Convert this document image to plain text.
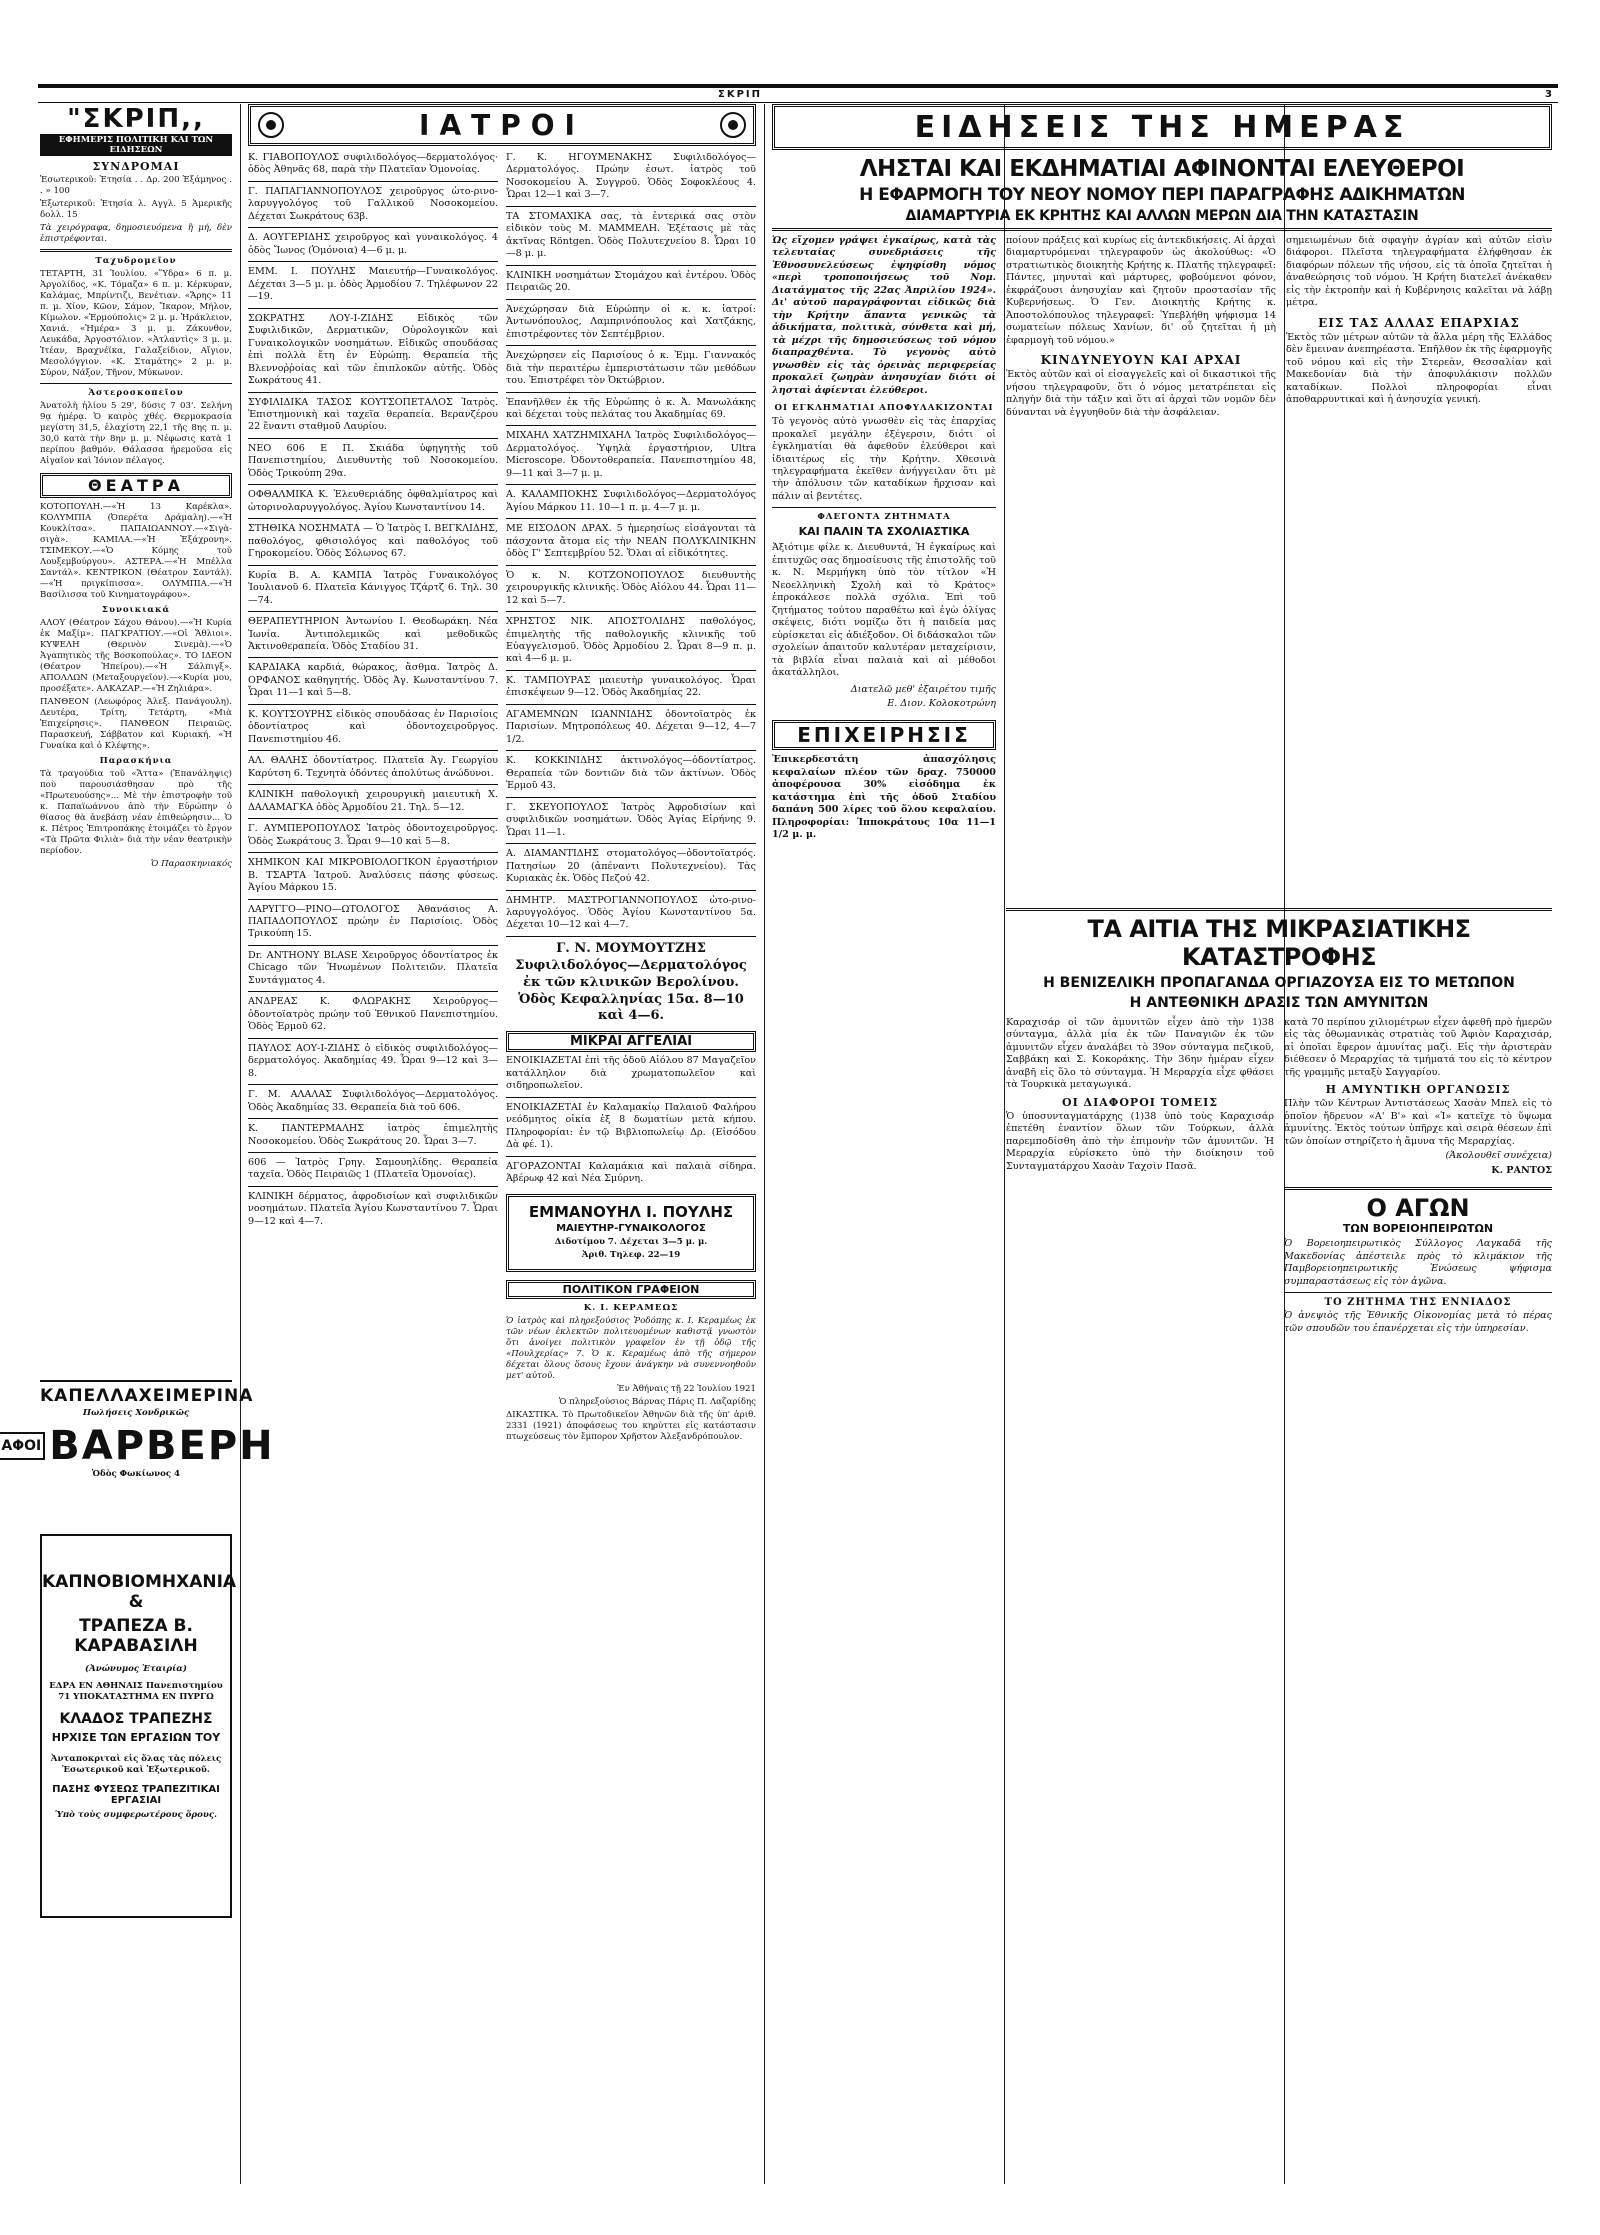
ΣΚΡΙΠ	3
"ΣΚΡΙΠ,,
ΕΦΗΜΕΡΙΣ ΠΟΛΙΤΙΚΗ ΚΑΙ ΤΩΝ ΕΙΔΗΣΕΩΝ
ΣΥΝΔΡΟΜΑΙ
Ἐσωτερικοῦ: Ἐτησία . . Δρ. 200 Ἑξάμηνος . . » 100
Ἐξωτερικοῦ: Ἐτησία λ. Αγγλ. 5 Ἀμερικῆς δολλ. 15
Τὰ χειρόγραφα, δημοσιευόμενα ἢ μή, δὲν ἐπιστρέφονται.
Ταχυδρομεῖον
ΤΕΤΑΡΤΗ, 31 Ἰουλίου. «Ὕδρα» 6 π. μ. Ἀργολίδος, «Κ. Τόμαζα» 6 π. μ. Κέρκυραν, Καλάμας, Μπρίντιζι, Βενέτιαν. «Ἄρης» 11 π. μ. Χίον, Κῶον, Σάμον, Ἴκαρον, Μήλον, Κίμωλον. «Ἑρμούπολις» 2 μ. μ. Ἡράκλειον, Χανιά. «Ἡμέρα» 3 μ. μ. Ζάκυνθον, Λευκάδα, Ἀργοστόλιον. «Ἀτλαντὶς» 3 μ. μ. Ἰτέαν, Βραχνέϊκα, Γαλαξείδιον, Αἴγιον, Μεσολόγγιον. «Κ. Σταμάτης» 2 μ. μ. Σύρον, Νάξον, Τῆνον, Μύκωνον.
Ἀστεροσκοπεῖον
Ἀνατολὴ ἡλίου 5 29', δύσις 7 03'. Σελήνη 9ᾳ ἡμέρᾳ. Ὁ καιρὸς χθές. Θερμοκρασία μεγίστη 31,5, ἐλαχίστη 22,1 τῆς 8ης π. μ. 30,0 κατὰ τὴν 8ην μ. μ. Νέφωσις κατὰ 1 περίπου βαθμόν. Θάλασσα ἠρεμοῦσα εἰς Αἰγαῖον καὶ Ἰόνιον πέλαγος.
ΘΕΑΤΡΑ
ΚΟΤΟΠΟΥΛΗ.—«Ἡ 13 Καρέκλα». ΚΟΛΥΜΠΙΑ (Ὀπερέτα Δράμαλη).—«Ἡ Κουκλίτσα». ΠΑΠΑΙΩΑΝΝΟΥ.—«Σιγὰ-σιγὰ». ΚΑΜΙΛΑ.—«Ἡ Ἑξάχρονη». ΤΣΙΜΕΚΟΥ.—«Ὁ Κόμης τοῦ Λουξεμβούργου». ΑΣΤΕΡΑ.—«Ἡ Μπέλλα Σαντάλ». ΚΕΝΤΡΙΚΟΝ (Θέατρον Σαντάλ).—«Ἡ πριγκίπισσα». ΟΛΥΜΠΙΑ.—«Ἡ Βασίλισσα τοῦ Κινηματογράφου».
Συνοικιακά
ΑΛΟΥ (Θέατρον Σάχου Θάνου).—«Ἡ Κυρία ἐκ Μαξίμ». ΠΑΓΚΡΑΤΙΟΥ.—«Οἱ Ἄθλιοι». ΚΥΨΕΛΗ (Θερινὸν Σινεμὰ).—«Ὁ Ἀγαπητικὸς τῆς Βοσκοπούλας». ΤΟ ΙΔΕΟΝ (Θέατρον Ἡπείρου).—«Ἡ Σάλπιγξ». ΑΠΟΛΛΩΝ (Μεταξουργεῖον).—«Κυρία μου, προσέξατε». ΑΛΚΑΖΑΡ.—«Ἡ Ζηλιάρα».
ΠΑΝΘΕΟΝ (Λεωφόρος Ἀλεξ. Πανάγουλη). Δευτέρα, Τρίτη, Τετάρτη, «Μιὰ Ἐπιχείρησις». ΠΑΝΘΕΟΝ Πειραιῶς. Παρασκευή, Σάββατον καὶ Κυριακή. «Ἡ Γυναίκα καὶ ὁ Κλέφτης».
Παρασκήνια
Τὰ τραγούδια τοῦ «Ἄττα» (Ἐπανάληψις) ποὺ παρουσιάσθησαν πρὸ τῆς «Πρωτευούσης»... Μὲ τὴν ἐπιστροφὴν τοῦ κ. Παπαϊωάννου ἀπὸ τὴν Εὐρώπην ὁ θίασος θὰ ἀνεβάσῃ νέαν ἐπιθεώρησιν... Ὁ κ. Πέτρος Ἐπιτροπάκης ἐτοιμάζει τὸ ἔργον «Τὰ Πρῶτα Φιλιὰ» διὰ τὴν νέαν θεατρικὴν περίοδον.
Ὁ Παρασκηνιακός
ΚΑΠΕΛΛΑ ΧΕΙΜΕΡΙΝΑ
Πωλήσεις Χονδρικῶς
ΑΦΟΙ ΒΑΡΒΕΡΗ
Ὁδὸς Φωκίωνος 4
ΚΑΠΝΟΒΙΟΜΗΧΑΝΙΑ &
ΤΡΑΠΕΖΑ Β. ΚΑΡΑΒΑΣΙΛΗ
(Ἀνώνυμος Ἑταιρία)
ΕΔΡΑ ΕΝ ΑΘΗΝΑΙΣ Πανεπιστημίου 71 ΥΠΟΚΑΤΑΣΤΗΜΑ ΕΝ ΠΥΡΓΩ
ΚΛΑΔΟΣ ΤΡΑΠΕΖΗΣ
ΗΡΧΙΣΕ ΤΩΝ ΕΡΓΑΣΙΩΝ ΤΟΥ
Ἀνταποκριταὶ εἰς ὅλας τὰς πόλεις Ἐσωτερικοῦ καὶ Ἐξωτερικοῦ.
ΠΑΣΗΣ ΦΥΣΕΩΣ ΤΡΑΠΕΖΙΤΙΚΑΙ ΕΡΓΑΣΙΑΙ
Ὑπὸ τοὺς συμφερωτέρους ὅρους.
ΙΑΤΡΟΙ
Κ. ΓΙΑΒΟΠΟΥΛΟΣ συφιλιδολόγος—δερματολόγος· ὁδὸς Ἀθηνᾶς 68, παρὰ τὴν Πλατεῖαν Ὁμονοίας.
Γ. ΠΑΠΑΓΙΑΝΝΟΠΟΥΛΟΣ χειροῦργος ὠτο-ρινο-λαρυγγολόγος τοῦ Γαλλικοῦ Νοσοκομείου. Δέχεται Σωκράτους 63β.
Δ. ΑΟΥΓΕΡΙΔΗΣ χειροῦργος καὶ γυναικολόγος. 4 ὁδὸς Ἴωνος (Ὁμόνοια) 4—6 μ. μ.
ΕΜΜ. Ι. ΠΟΥΛΗΣ Μαιευτήρ—Γυναικολόγος. Δέχεται 3—5 μ. μ. ὁδὸς Ἀρμοδίου 7. Τηλέφωνον 22—19.
ΣΩΚΡΑΤΗΣ ΛΟΥ-Ι-ΖΙΔΗΣ Εἰδικὸς τῶν Συφιλιδικῶν, Δερματικῶν, Οὐρολογικῶν καὶ Γυναικολογικῶν νοσημάτων. Εἰδικῶς σπουδάσας ἐπὶ πολλὰ ἔτη ἐν Εὐρώπῃ. Θεραπεία τῆς Βλεννοῤῥοίας καὶ τῶν ἐπιπλοκῶν αὐτῆς. Ὁδὸς Σωκράτους 41.
ΣΥΦΙΛΙΔΙΚΑ ΤΑΣΟΣ ΚΟΥΤΣΟΠΕΤΑΛΟΣ Ἰατρὸς. Ἐπιστημονικὴ καὶ ταχεῖα θεραπεία. Βερανζέρου 22 ἔναντι σταθμοῦ Λαυρίου.
ΝΕΟ 606 Ε Π. Σκιάδα ὑφηγητὴς τοῦ Πανεπιστημίου, Διευθυντὴς τοῦ Νοσοκομείου. Ὁδὸς Τρικούπη 29α.
ΟΦΘΑΛΜΙΚΑ Κ. Ἐλευθεριάδης ὀφθαλμίατρος καὶ ὠτορινολαρυγγολόγος. Ἀγίου Κωνσταντίνου 14.
ΣΤΗΘΙΚΑ ΝΟΣΗΜΑΤΑ — Ὁ Ἰατρὸς Ι. ΒΕΓΚΛΙΔΗΣ, παθολόγος, φθισιολόγος καὶ παθολόγος τοῦ Γηροκομείου. Ὁδὸς Σόλωνος 67.
Κυρία Β. Α. ΚΑΜΠΑ Ἰατρὸς Γυναικολόγος Ἰουλιανοῦ 6. Πλατεῖα Κάνιγγος Τζάρτζ 6. Τηλ. 30—74.
ΘΕΡΑΠΕΥΤΗΡΙΟΝ Ἀντωνίου Ι. Θεοδωράκη. Νέα Ἰωνία. Ἀντιπολεμικῶς καὶ μεθοδικῶς Ἀκτινοθεραπεία. Ὁδὸς Σταδίου 31.
ΚΑΡΔΙΑΚΑ καρδιά, θώρακος, ἄσθμα. Ἰατρὸς Δ. ΟΡΦΑΝΟΣ καθηγητής. Ὁδὸς Ἀγ. Κωνσταντίνου 7. Ὧραι 11—1 καὶ 5—8.
Κ. ΚΟΥΤΣΟΥΡΗΣ εἰδικὸς σπουδάσας ἐν Παρισίοις ὀδοντίατρος καὶ ὀδοντοχειροῦργος. Πανεπιστημίου 46.
ΑΛ. ΘΑΛΗΣ ὀδοντίατρος. Πλατεῖα Ἀγ. Γεωργίου Καρύτση 6. Τεχνητὰ ὀδόντες ἀπολύτως ἀνώδυνοι.
ΚΛΙΝΙΚΗ παθολογικὴ χειρουργικὴ μαιευτικὴ Χ. ΔΑΛΑΜΑΓΚΑ ὁδὸς Ἀρμοδίου 21. Τηλ. 5—12.
Γ. ΑΥΜΠΕΡΟΠΟΥΛΟΣ Ἰατρὸς ὀδοντοχειροῦργος. Ὁδὸς Σωκράτους 3. Ὧραι 9—10 καὶ 5—8.
ΧΗΜΙΚΟΝ ΚΑΙ ΜΙΚΡΟΒΙΟΛΟΓΙΚΟΝ ἐργαστήριον Β. ΤΣΑΡΤΑ Ἰατροῦ. Ἀναλύσεις πάσης φύσεως. Ἀγίου Μάρκου 15.
ΛΑΡΥΓΓΟ—ΡΙΝΟ—ΩΤΟΛΟΓΟΣ Ἀθανάσιος Α. ΠΑΠΑΔΟΠΟΥΛΟΣ πρώην ἐν Παρισίοις. Ὁδὸς Τρικούπη 15.
Dr. ANTHONY BLASE Χειροῦργος ὀδοντίατρος ἐκ Chicago τῶν Ἡνωμένων Πολιτειῶν. Πλατεῖα Συντάγματος 4.
ΑΝΔΡΕΑΣ Κ. ΦΛΩΡΑΚΗΣ Χειροῦργος—ὀδοντοϊατρὸς πρώην τοῦ Ἐθνικοῦ Πανεπιστημίου. Ὁδὸς Ἑρμοῦ 62.
ΠΑΥΛΟΣ ΑΟΥ-Ι-ΖΙΔΗΣ ὁ εἰδικὸς συφιλιδολόγος—δερματολόγος. Ἀκαδημίας 49. Ὧραι 9—12 καὶ 3—8.
Γ. Μ. ΑΛΑΛΑΣ Συφιλιδολόγος—Δερματολόγος. Ὁδὸς Ἀκαδημίας 33. Θεραπεία διὰ τοῦ 606.
Κ. ΠΑΝΤΕΡΜΑΛΗΣ ἰατρὸς ἐπιμελητὴς Νοσοκομείου. Ὁδὸς Σωκράτους 20. Ὧραι 3—7.
606 — Ἰατρὸς Γρηγ. Σαμουηλίδης. Θεραπεία ταχεῖα. Ὁδὸς Πειραιῶς 1 (Πλατεῖα Ὁμονοίας).
ΚΛΙΝΙΚΗ δέρματος, ἀφροδισίων καὶ συφιλιδικῶν νοσημάτων. Πλατεῖα Ἁγίου Κωνσταντίνου 7. Ὧραι 9—12 καὶ 4—7.
Γ. Κ. ΗΓΟΥΜΕΝΑΚΗΣ Συφιλιδολόγος—Δερματολόγος. Πρώην ἐσωτ. ἰατρὸς τοῦ Νοσοκομείου Ἀ. Συγγροῦ. Ὁδὸς Σοφοκλέους 4. Ὧραι 12—1 καὶ 3—7.
ΤΑ ΣΤΟΜΑΧΙΚΑ σας, τὰ ἐντερικά σας στὸν εἰδικὸν τοὺς Μ. ΜΑΜΜΕΛΗ. Ἐξέτασις μὲ τὰς ἀκτῖνας Röntgen. Ὁδὸς Πολυτεχνείου 8. Ὧραι 10—8 μ. μ.
ΚΛΙΝΙΚΗ νοσημάτων Στομάχου καὶ ἐντέρου. Ὁδὸς Πειραιῶς 20.
Ἀνεχώρησαν διὰ Εὐρώπην οἱ κ. κ. ἰατροί: Ἀντωνόπουλος, Λαμπρινόπουλος καὶ Χατζάκης, ἐπιστρέφοντες τὸν Σεπτέμβριον.
Ἀνεχώρησεν εἰς Παρισίους ὁ κ. Ἐμμ. Γιαννακός διὰ τὴν περαιτέρω ἐμπεριστάτωσιν τῶν μεθόδων του. Ἐπιστρέφει τὸν Ὀκτώβριον.
Ἐπανῆλθεν ἐκ τῆς Εὐρώπης ὁ κ. Ἀ. Μανωλάκης καὶ δέχεται τοὺς πελάτας του Ἀκαδημίας 69.
ΜΙΧΑΗΛ ΧΑΤΖΗΜΙΧΑΗΛ Ἰατρὸς Συφιλιδολόγος—Δερματολόγος. Ὑψηλὰ ἐργαστήριον, Ultra Microscope. Ὀδοντοθεραπεία. Πανεπιστημίου 48, 9—11 καὶ 3—7 μ. μ.
Α. ΚΑΛΑΜΠΟΚΗΣ Συφιλιδολόγος—Δερματολόγος Ἁγίου Μάρκου 11. 10—1 π. μ. 4—7 μ. μ.
ΜΕ ΕΙΣΟΔΟΝ ΔΡΑΧ. 5 ἡμερησίως εἰσάγονται τὰ πάσχοντα ἄτομα εἰς τὴν ΝΕΑΝ ΠΟΛΥΚΛΙΝΙΚΗΝ ὁδὸς Γ' Σεπτεμβρίου 52. Ὅλαι αἱ εἰδικότητες.
Ὁ κ. Ν. ΚΟΤΖΟΝΟΠΟΥΛΟΣ διευθυντὴς χειρουργικῆς κλινικῆς. Ὁδὸς Αἰόλου 44. Ὧραι 11—12 καὶ 5—7.
ΧΡΗΣΤΟΣ ΝΙΚ. ΑΠΟΣΤΟΛΙΔΗΣ παθολόγος, ἐπιμελητὴς τῆς παθολογικῆς κλινικῆς τοῦ Εὐαγγελισμοῦ. Ὁδὸς Ἀρμοδίου 2. Ὧραι 8—9 π. μ. καὶ 4—6 μ. μ.
Κ. ΤΑΜΠΟΥΡΑΣ μαιευτὴρ γυναικολόγος. Ὧραι ἐπισκέψεων 9—12. Ὁδὸς Ἀκαδημίας 22.
ΑΓΑΜΕΜΝΩΝ ΙΩΑΝΝΙΔΗΣ ὀδοντοϊατρὸς ἐκ Παρισίων. Μητροπόλεως 40. Δέχεται 9—12, 4—7 1/2.
Κ. ΚΟΚΚΙΝΙΔΗΣ ἀκτινολόγος—ὀδοντίατρος. Θεραπεία τῶν δοντιῶν διὰ τῶν ἀκτίνων. Ὁδὸς Ἑρμοῦ 43.
Γ. ΣΚΕΥΟΠΟΥΛΟΣ Ἰατρὸς Ἀφροδισίων καὶ συφιλιδικῶν νοσημάτων. Ὁδὸς Ἀγίας Εἰρήνης 9. Ὧραι 11—1.
Α. ΔΙΑΜΑΝΤΙΔΗΣ στοματολόγος—ὀδοντοϊατρός. Πατησίων 20 (ἀπέναντι Πολυτεχνείου). Τὰς Κυριακὰς ἐκ. Ὁδὸς Πεζού 42.
ΔΗΜΗΤΡ. ΜΑΣΤΡΟΓΙΑΝΝΟΠΟΥΛΟΣ ὠτο-ρινο-λαρυγγολόγος. Ὁδὸς Ἁγίου Κωνσταντίνου 5α. Δέχεται 10—12 καὶ 4—7.
Γ. Ν. ΜΟΥΜΟΥΤΖΗΣ Συφιλιδολόγος—Δερματολόγος ἐκ τῶν κλινικῶν Βερολίνου. Ὁδὸς Κεφαλληνίας 15α. 8—10 καὶ 4—6.
ΜΙΚΡΑΙ ΑΓΓΕΛΙΑΙ
ΕΝΟΙΚΙΑΖΕΤΑΙ ἐπὶ τῆς ὁδοῦ Αἰόλου 87 Μαγαζεῖον κατάλληλον διὰ χρωματοπωλεῖον καὶ σιδηροπωλεῖον.
ΕΝΟΙΚΙΑΖΕΤΑΙ ἐν Καλαμακίῳ Παλαιοῦ Φαλήρου νεόδμητος οἰκία ἐξ 8 δωματίων μετὰ κήπου. Πληροφορίαι: ἐν τῷ Βιβλιοπωλείῳ Δρ. (Εἰσόδου Δὰ φέ. 1).
ΑΓΟΡΑΖΟΝΤΑΙ Καλαμάκια καὶ παλαιὰ σίδηρα. Ἀβέρωφ 42 καὶ Νέα Σμύρνη.
ΕΜΜΑΝΟΥΗΛ Ι. ΠΟΥΛΗΣ
ΜΑΙΕΥΤΗΡ-ΓΥΝΑΙΚΟΛΟΓΟΣ
Διδοτίμου 7. Δέχεται 3—5 μ. μ.
Ἀριθ. Τηλεφ. 22—19
ΠΟΛΙΤΙΚΟΝ ΓΡΑΦΕΙΟΝ
Κ. Ι. ΚΕΡΑΜΕΩΣ
Ὁ ἰατρὸς καὶ πληρεξούσιος Ῥοδόπης κ. Ι. Κεραμέως ἐκ τῶν νέων ἐκλεκτῶν πολιτευομένων καθιστᾷ γνωστὸν ὅτι ἀνοίγει πολιτικὸν γραφεῖον ἐν τῇ ὁδῷ τῆς «Πουλχερίας» 7. Ὁ κ. Κεραμέως ἀπὸ τῆς σήμερον δέχεται ὅλους ὅσους ἔχουν ἀνάγκην νὰ συνεννοηθοῦν μετ' αὐτοῦ.
Ἐν Ἀθήναις τῇ 22 Ἰουλίου 1921
Ὁ πληρεξούσιος Βάρνας Πάρις Π. Λαζαρίδης
ΔΙΚΑΣΤΙΚΑ. Τὸ Πρωτοδικεῖον Ἀθηνῶν διὰ τῆς ὑπ' ἀριθ. 2331 (1921) ἀποφάσεως του κηρύττει εἰς κατάστασιν πτωχεύσεως τὸν ἔμπορον Χρῆστον Ἀλεξανδρόπουλον.
ΕΙΔΗΣΕΙΣ ΤΗΣ ΗΜΕΡΑΣ
ΛΗΣΤΑΙ ΚΑΙ ΕΚΔΗΜΑΤΙΑΙ ΑΦΙΝΟΝΤΑΙ ΕΛΕΥΘΕΡΟΙ
Η ΕΦΑΡΜΟΓΗ ΤΟΥ ΝΕΟΥ ΝΟΜΟΥ ΠΕΡΙ ΠΑΡΑΓΡΑΦΗΣ ΑΔΙΚΗΜΑΤΩΝ
ΔΙΑΜΑΡΤΥΡΙΑ ΕΚ ΚΡΗΤΗΣ ΚΑΙ ΑΛΛΩΝ ΜΕΡΩΝ ΔΙΑ ΤΗΝ ΚΑΤΑΣΤΑΣΙΝ
Ὡς εἴχομεν γράψει ἐγκαίρως, κατὰ τὰς τελευταίας συνεδριάσεις τῆς Ἐθνοσυνελεύσεως ἐψηφίσθη νόμος «περὶ τροποποιήσεως τοῦ Νομ. Διατάγματος τῆς 22ας Ἀπριλίου 1924». Δι' αὐτοῦ παραγράφονται εἰδικῶς διὰ τὴν Κρήτην ἅπαντα γενικῶς τὰ ἀδικήματα, πολιτικὰ, σύνθετα καὶ μή, τὰ μέχρι τῆς δημοσιεύσεως τοῦ νόμου διαπραχθέντα. Τὸ γεγονὸς αὐτὸ γνωσθὲν εἰς τὰς ὀρεινὰς περιφερείας προκαλεῖ ζωηρὰν ἀνησυχίαν διότι οἱ λησταὶ ἀφίενται ἐλεύθεροι.
ΟΙ ΕΓΚΛΗΜΑΤΙΑΙ ΑΠΟΦΥΛΑΚΙΖΟΝΤΑΙ
Τὸ γεγονὸς αὐτὸ γνωσθὲν εἰς τὰς ἐπαρχίας προκαλεῖ μεγάλην ἐξέγερσιν, διότι οἱ ἐγκληματίαι θὰ ἀφεθοῦν ἐλεύθεροι καὶ ἰδιαιτέρως εἰς τὴν Κρήτην. Χθεσινὰ τηλεγραφήματα ἐκεῖθεν ἀνήγγειλαν ὅτι μὲ τὴν ἀπόλυσιν τῶν καταδίκων ἤρχισαν καὶ πάλιν αἱ βεντέτες.
ΦΛΕΓΟΝΤΑ ΖΗΤΗΜΑΤΑ
ΚΑΙ ΠΑΛΙΝ ΤΑ ΣΧΟΛΙΑΣΤΙΚΑ
Ἀξιότιμε φίλε κ. Διευθυντά, Ἡ ἐγκαίρως καὶ ἐπιτυχῶς σας δημοσίευσις τῆς ἐπιστολῆς τοῦ κ. Ν. Μερμήγκη ὑπὸ τὸν τίτλον «Ἡ Νεοελληνικὴ Σχολὴ καὶ τὸ Κράτος» ἐπροκάλεσε πολλὰ σχόλια. Ἐπὶ τοῦ ζητήματος τούτου παραθέτω καὶ ἐγὼ ὀλίγας σκέψεις, διότι νομίζω ὅτι ἡ παιδεία μας εὑρίσκεται εἰς ἀδιέξοδον. Οἱ διδάσκαλοι τῶν σχολείων ἀπαιτοῦν καλυτέραν μεταχείρισιν, τὰ βιβλία εἶναι παλαιὰ καὶ αἱ μέθοδοι ἀκατάλληλοι.
Διατελῶ μεθ' ἐξαιρέτου τιμῆς
Ε. Διον. Κολοκοτρώνη
ΕΠΙΧΕΙΡΗΣΙΣ
Ἐπικερδεστάτη ἀπασχόλησις κεφαλαίων πλέον τῶν δραχ. 750000 ἀποφέρουσα 30% εἰσόδημα ἐκ κατάστημα ἐπὶ τῆς ὁδοῦ Σταδίου δαπάνη 500 λίρες τοῦ ὅλου κεφαλαίου. Πληροφορίαι: Ἱπποκράτους 10α 11—1 1/2 μ. μ.
ποίουν πράξεις καὶ κυρίως εἰς ἀντεκδικήσεις. Αἱ ἀρχαὶ διαμαρτυρόμεναι τηλεγραφοῦν ὡς ἀκολούθως: «Ὁ στρατιωτικὸς διοικητὴς Κρήτης κ. Πλατῆς τηλεγραφεῖ: Πάντες, μηνυταὶ καὶ μάρτυρες, φοβούμενοι φόνον, ἐκφράζουσι ἀνησυχίαν καὶ ζητοῦν προστασίαν τῆς Κυβερνήσεως. Ὁ Γεν. Διοικητὴς Κρήτης κ. Ἀποστολόπουλος τηλεγραφεῖ: Ὑπεβλήθη ψήφισμα 14 σωματείων πόλεως Χανίων, δι' οὗ ζητεῖται ἡ μὴ ἐφαρμογὴ τοῦ νόμου.»
ΚΙΝΔΥΝΕΥΟΥΝ ΚΑΙ ΑΡΧΑΙ
Ἐκτὸς αὐτῶν καὶ οἱ εἰσαγγελεῖς καὶ οἱ δικαστικοὶ τῆς νήσου τηλεγραφοῦν, ὅτι ὁ νόμος μετατρέπεται εἰς πληγὴν διὰ τὴν τάξιν καὶ ὅτι αἱ ἀρχαὶ τῶν νομῶν δὲν δύνανται νὰ ἐγγυηθοῦν διὰ τὴν ἀσφάλειαν.
σημειωμένων διὰ σφαγὴν ἀγρίαν καὶ αὐτῶν εἰσὶν διάφοροι. Πλεῖστα τηλεγραφήματα ἐλήφθησαν ἐκ διαφόρων πόλεων τῆς νήσου, εἰς τὰ ὁποῖα ζητεῖται ἡ ἀναθεώρησις τοῦ νόμου. Ἡ Κρήτη διατελεῖ ἀνέκαθεν εἰς τὴν ἐκτροπὴν καὶ ἡ Κυβέρνησις καλεῖται νὰ λάβῃ μέτρα.
ΕΙΣ ΤΑΣ ΑΛΛΑΣ ΕΠΑΡΧΙΑΣ
Ἐκτὸς τῶν μέτρων αὐτῶν τὰ ἄλλα μέρη τῆς Ἑλλάδος δὲν ἔμειναν ἀνεπηρέαστα. Ἐπῆλθον ἐκ τῆς ἐφαρμογῆς τοῦ νόμου καὶ εἰς τὴν Στερεὰν, Θεσσαλίαν καὶ Μακεδονίαν διὰ τὴν ἀποφυλάκισιν πολλῶν καταδίκων. Πολλοὶ πληροφορίαι εἶναι ἀποθαρρυντικαὶ καὶ ἡ ἀνησυχία γενική.
ΤΑ ΑΙΤΙΑ ΤΗΣ ΜΙΚΡΑΣΙΑΤΙΚΗΣ ΚΑΤΑΣΤΡΟΦΗΣ
Η ΒΕΝΙΖΕΛΙΚΗ ΠΡΟΠΑΓΑΝΔΑ ΟΡΓΙΑΖΟΥΣΑ ΕΙΣ ΤΟ ΜΕΤΩΠΟΝ
Η ΑΝΤΕΘΝΙΚΗ ΔΡΑΣΙΣ ΤΩΝ ΑΜΥΝΙΤΩΝ
Καραχισάρ οἱ τῶν ἀμυνιτῶν εἶχεν ἀπὸ τὴν 1)38 σύνταγμα, ἀλλὰ μία ἐκ τῶν Παναγιῶν ἐκ τῶν ἀμυνιτῶν εἶχεν ἀναλάβει τὸ 39ον σύνταγμα πεζικοῦ, Σαββάκη καὶ Σ. Κοκοράκης. Τὴν 36ην ἡμέραν εἶχεν ἀναβῆ εἰς ὅλο τὸ σύνταγμα. Ἡ Μεραρχία εἶχε φθάσει τὰ Τουρκικὰ μεταγωγικά.
ΟΙ ΔΙΑΦΟΡΟΙ ΤΟΜΕΙΣ
Ὁ ὑποσυνταγματάρχης (1)38 ὑπὸ τοὺς Καραχισάρ ἐπετέθη ἐναντίον ὅλων τῶν Τούρκων, ἀλλὰ παρεμποδίσθη ἀπὸ τὴν ἐπιμονὴν τῶν ἀμυνιτῶν. Ἡ Μεραρχία εὑρίσκετο ὑπὸ τὴν διοίκησιν τοῦ Συνταγματάρχου Χασὰν Ταχσὶν Πασᾶ.
κατὰ 70 περίπου χιλιομέτρων εἶχεν ἀφεθῆ πρὸ ἡμερῶν εἰς τὰς ὀθωμανικὰς στρατιὰς τοῦ Ἀφιὸν Καραχισάρ, αἱ ὁποῖαι ἔφερον ἀμυνίτας μαζὶ. Εἰς τὴν ἀριστερὰν διέθεσεν ὁ Μεραρχίας τὰ τμήματά του εἰς τὸ κέντρον τῆς γραμμῆς μεταξὺ Σαγγαρίου.
Η ΑΜΥΝΤΙΚΗ ΟΡΓΑΝΩΣΙΣ
Πλὴν τῶν Κέντρων Ἀντιστάσεως Χασὰν Μπελ εἰς τὸ ὁποῖον ἤδρευον «Α' Β'» καὶ «Ἱ» κατεῖχε τὸ ὕψωμα ἀμυνίτης. Ἐκτὸς τούτων ὑπῆρχε καὶ σειρὰ θέσεων ἐπὶ τῶν ὁποίων στηρίζετο ἡ ἄμυνα τῆς Μεραρχίας.
(Ἀκολουθεῖ συνέχεια)
Κ. ΡΑΝΤΟΣ
Ο ΑΓΩΝ
ΤΩΝ ΒΟΡΕΙΟΗΠΕΙΡΩΤΩΝ
Ὁ Βορειοηπειρωτικὸς Σύλλογος Λαγκαδᾶ τῆς Μακεδονίας ἀπέστειλε πρὸς τὸ κλιμάκιον τῆς Παμβορειοηπειρωτικῆς Ἑνώσεως ψήφισμα συμπαραστάσεως εἰς τὸν ἀγῶνα.
ΤΟ ΖΗΤΗΜΑ ΤΗΣ ΕΝΝΙΑΔΟΣ
Ὁ ἀνεψιὸς τῆς Ἐθνικῆς Οἰκονομίας μετὰ τὸ πέρας τῶν σπουδῶν του ἐπανέρχεται εἰς τὴν ὑπηρεσίαν.
